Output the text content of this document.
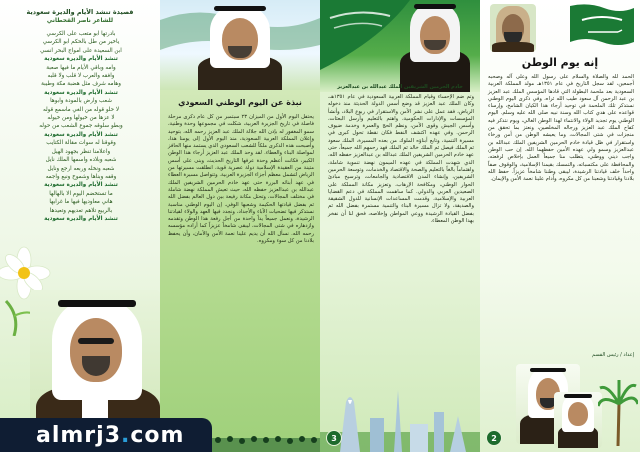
قصيدة تنشد الأيام والديرة سعودية
للشاعر ناصر القحطاني
بادرتها ابو متعب على الكرسي
ياخير من طل بالحكم ابو الكرسي
ابن السعيدة على امواج البحر انسي
تنشد الأيام والديرة سعودية
وامه وباقي الأيام ما فيها صعبة
وافقه والعرب لا قلب ولا قلبه
وهامه شرف مثل هضبة مكة وطيبة
تنشد الأيام والديرة سعودية
شعب وارض بالمودة وابوها
لا حلو قوله من الغي ماسمع قوله
لا عزها من خيولها ومن خيوله
وبطو سلوقه جموع الشعب من حوله
تنشد الأيام والديرة سعودية
وقوقنا له سوات مقالة الكتايب
واعلامنا تنظر بجهود الهيل
شعبه وبلاده واسمها الملك نايل
شعبه ونخله وربعه ارجع ونايل
وقفه وبناها وشموخ ونبع واجمه
تنشد الأيام والديرة سعودية
ما تستخضم اليوم الا بالهالها
هاني معاوديها فيها ما غرابها
بالربيع تلاهم تعديهم وتعيدها
تنشد الأيام والديرة سعودية
نبذة عن اليوم الوطني السعودي
يحتفل اليوم الأول من الميزان ٢٣ سبتمبر من كل عام ذكرى مرحلة فاصلة في تاريخ الجزيرة العربية، شكلت في مجموعها وحدة وطنية، سمو المغفور له بإذن الله جلالة الملك عبد العزيز رحمه الله، بتوحيد وإعلان المملكة العربية السعودية، منذ اليوم الأول إلى يومنا هذا، وأصبحت هذه الذكرى ملكاً للشعب السعودي الذي يستمد منها الحافز لمواصلة البناء والعطاء. لقد وحد الملك عبد العزيز أرجاء هذا الوطن الكبير، فكانت أعظم وحدة عرفها التاريخ الحديث، وبنى على أسس متينة من العقيدة الإسلامية دولة عصرية قوية، انطلقت مسيرتها من الرياض لتشمل معظم أجزاء الجزيرة العربية. وتتواصل مسيرة العطاء في عهد أبنائه البررة حتى عهد خادم الحرمين الشريفين الملك عبدالله بن عبدالعزيز حفظه الله، حيث تعيش المملكة نهضة شاملة في مختلف المجالات، وتحتل مكانة رفيعة بين دول العالم بفضل الله ثم بفضل قيادتها الحكيمة وشعبها الوفي. إن اليوم الوطني مناسبة نستذكر فيها تضحيات الآباء والأجداد، ونجدد فيها العهد والولاء لقيادتنا الرشيدة، ونعمل جميعاً يداً واحدة من أجل رفعة هذا الوطن وتقدمه وازدهاره في شتى المجالات، ليبقى شامخاً عزيزاً كما أراده مؤسسه رحمه الله. نسأل الله أن يديم علينا نعمة الأمن والأمان، وأن يحفظ بلادنا من كل سوء ومكروه.
خادم الحرمين الشريفين الملك عبدالله بن عبدالعزيز
وتم ضم الإحساء وقيام المملكة العربية السعودية في عام ١٣٥١هـ، وكان الملك عبد العزيز قد وضع أسس الدولة الحديثة منذ دخوله الرياض، فقد عمل على نشر الأمن والاستقرار في ربوع البلاد، وأنشأ المؤسسات والإدارات الحكومية، واهتم بالتعليم وأرسل البعثات، وأسس الجيش وقوى الأمن، ونظم الحج والعمرة وخدمة ضيوف الرحمن. وفي عهده اكتشف النفط فكان نقطة تحول كبرى في مسيرة التنمية، وتابع أبناؤه الملوك من بعده المسيرة، الملك سعود ثم الملك فيصل ثم الملك خالد ثم الملك فهد رحمهم الله جميعاً، حتى عهد خادم الحرمين الشريفين الملك عبدالله بن عبدالعزيز حفظه الله، الذي شهدت المملكة في عهده الميمون نهضة تنموية شاملة، واهتماماً بالغاً بالتعليم والصحة والاقتصاد والخدمات، وتوسعة الحرمين الشريفين، وإنشاء المدن الاقتصادية والجامعات، وترسيخ مبادئ الحوار الوطني، ومكافحة الإرهاب، وتعزيز مكانة المملكة على الصعيدين العربي والدولي. كما ساهمت المملكة في دعم القضايا العربية والإسلامية، وقدمت المساعدات الإنسانية للدول الشقيقة والصديقة، ولا تزال مسيرة البناء والتنمية مستمرة بفضل الله ثم بفضل القيادة الرشيدة ووعي المواطن وإخلاصه، فحق لنا أن نفخر بهذا الوطن المعطاء.
3
إنه يوم الوطن
الحمد لله والصلاة والسلام على رسول الله وعلى آله وصحبه أجمعين، لقد سجل التاريخ في عام ١٣٥١هـ مولد المملكة العربية السعودية بعد ملحمة البطولة التي قادها المؤسس الملك عبد العزيز بن عبد الرحمن آل سعود طيب الله ثراه، وفي ذكرى اليوم الوطني نستذكر تلك الملحمة في توحيد أرجاء هذا الكيان الشامخ، وإرساء قواعده على هدي كتاب الله وسنة نبيه صلى الله عليه وسلم. اليوم الوطني يوم تجديد الولاء والانتماء لهذا الوطن الغالي، ويوم نتذكر فيه كفاح الملك عبد العزيز ورجاله المخلصين، ونعتز بما تحقق من منجزات في شتى المجالات، وما يعيشه الوطن من أمن ورخاء واستقرار في ظل قيادة خادم الحرمين الشريفين الملك عبدالله بن عبدالعزيز وسمو ولي عهده الأمين حفظهما الله. إن حب الوطن واجب ديني ووطني، يتطلب منا جميعاً العمل بإخلاص لرفعته، والمحافظة على مكتسباته، والتمسك بقيمنا الإسلامية، والوقوف صفاً واحداً خلف قيادتنا الرشيدة، ليبقى وطننا شامخاً عزيزاً. حفظ الله بلادنا وقيادتنا وشعبنا من كل مكروه، وأدام علينا نعمة الأمن والإيمان.
إعداد / رئيس القسم
2
almrj3 . com
